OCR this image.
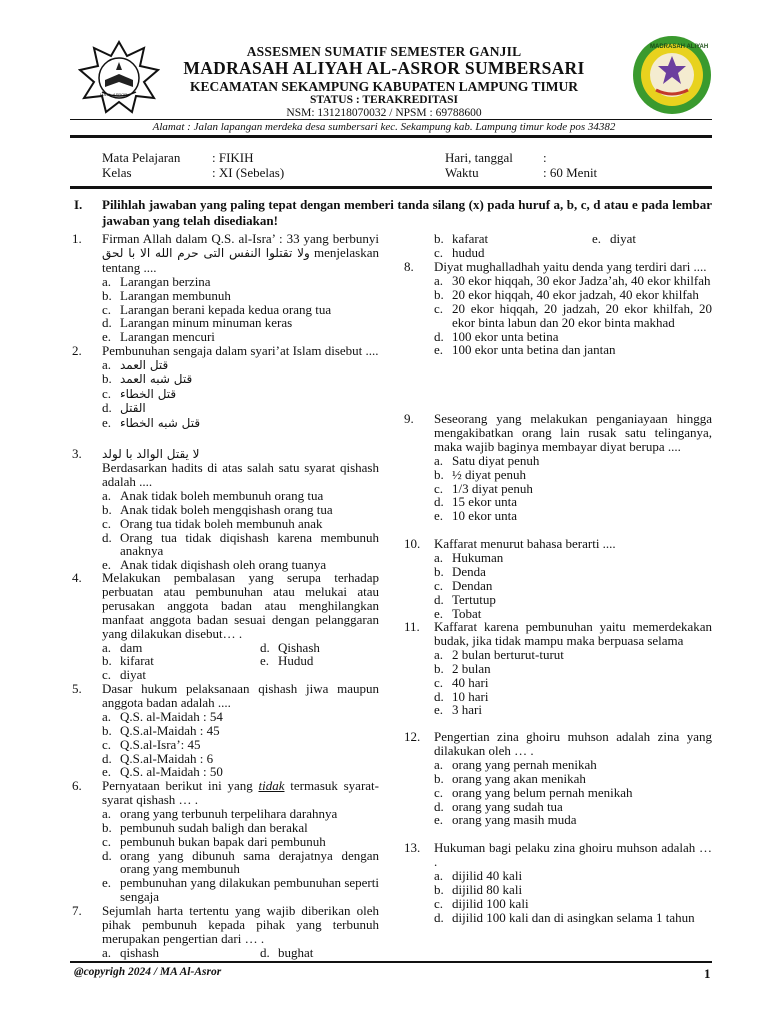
MA AL-ASROR
MADRASAH ALIYAH
ASSESMEN SUMATIF SEMESTER GANJIL
MADRASAH ALIYAH AL-ASROR SUMBERSARI
KECAMATAN SEKAMPUNG KABUPATEN LAMPUNG TIMUR
STATUS : TERAKREDITASI
NSM: 131218070032 / NPSM : 69788600
Alamat : Jalan lapangan merdeka desa sumbersari kec. Sekampung kab. Lampung timur kode pos 34382
Mata Pelajaran : FIKIH
Kelas	: XI (Sebelas)
Hari, tanggal :
Waktu	: 60 Menit
I. Pilihlah jawaban yang paling tepat dengan memberi tanda silang (x) pada huruf a, b, c, d atau e pada lembar jawaban yang telah disediakan!
1. Firman Allah dalam Q.S. al-Isra’ : 33 yang berbunyi ولا تقتلوا النفس التى حرم الله الا با لحق menjelaskan tentang ....
a. Larangan berzina
b. Larangan membunuh
c. Larangan berani kepada kedua orang tua
d. Larangan minum minuman keras
e. Larangan mencuri
2. Pembunuhan sengaja dalam syari’at Islam disebut ....
a. قتل العمد
b. قتل شبه العمد
c. قتل الخطاء
d. القتل
e. قتل شبه الخطاء
3. لا يقتل الوالد با لولد
Berdasarkan hadits di atas salah satu syarat qishash adalah ....
a. Anak tidak boleh membunuh orang tua
b. Anak tidak boleh mengqishash orang tua
c. Orang tua tidak boleh membunuh anak
d. Orang tua tidak diqishash karena membunuh anaknya
e. Anak tidak diqishash oleh orang tuanya
4. Melakukan pembalasan yang serupa terhadap perbuatan atau pembunuhan atau melukai atau perusakan anggota badan atau menghilangkan manfaat anggota badan sesuai dengan pelanggaran yang dilakukan disebut… .
a. dam	d. Qishash
b. kifarat	e. Hudud
c. diyat
5. Dasar hukum pelaksanaan qishash jiwa maupun anggota badan adalah ....
a. Q.S. al-Maidah : 54
b. Q.S.al-Maidah : 45
c. Q.S.al-Isra’: 45
d. Q.S.al-Maidah : 6
e. Q.S. al-Maidah : 50
6. Pernyataan berikut ini yang tidak termasuk syarat-syarat qishash … .
a. orang yang terbunuh terpelihara darahnya
b. pembunuh sudah baligh dan berakal
c. pembunuh bukan bapak dari pembunuh
d. orang yang dibunuh sama derajatnya dengan orang yang membunuh
e. pembunuhan yang dilakukan pembunuhan seperti sengaja
7. Sejumlah harta tertentu yang wajib diberikan oleh pihak pembunuh kepada pihak yang terbunuh merupakan pengertian dari … .
a. qishash	d. bughat
b. kafarat	e. diyat
c. hudud
8. Diyat mughalladhah yaitu denda yang terdiri dari ....
a. 30 ekor hiqqah, 30 ekor Jadza’ah, 40 ekor khilfah
b. 20 ekor hiqqah, 40 ekor jadzah, 40 ekor khilfah
c. 20 ekor hiqqah, 20 jadzah, 20 ekor khilfah, 20 ekor binta labun dan 20 ekor binta makhad
d. 100 ekor unta betina
e. 100 ekor unta betina dan jantan
9. Seseorang yang melakukan penganiayaan hingga mengakibatkan orang lain rusak satu telinganya, maka wajib baginya membayar diyat berupa ....
a. Satu diyat penuh
b. ½ diyat penuh
c. 1/3 diyat penuh
d. 15 ekor unta
e. 10 ekor unta
10. Kaffarat menurut bahasa berarti ....
a. Hukuman
b. Denda
c. Dendan
d. Tertutup
e. Tobat
11. Kaffarat karena pembunuhan yaitu memerdekakan budak, jika tidak mampu maka berpuasa selama
a. 2 bulan berturut-turut
b. 2 bulan
c. 40 hari
d. 10 hari
e. 3 hari
12. Pengertian zina ghoiru muhson adalah zina yang dilakukan oleh … .
a. orang yang pernah menikah
b. orang yang akan menikah
c. orang yang belum pernah menikah
d. orang yang sudah tua
e. orang yang masih muda
13. Hukuman bagi pelaku zina ghoiru muhson adalah … .
a. dijilid 40 kali
b. dijilid 80 kali
c. dijilid 100 kali
d. dijilid 100 kali dan di asingkan selama 1 tahun
@copyrigh 2024 / MA Al-Asror	1
